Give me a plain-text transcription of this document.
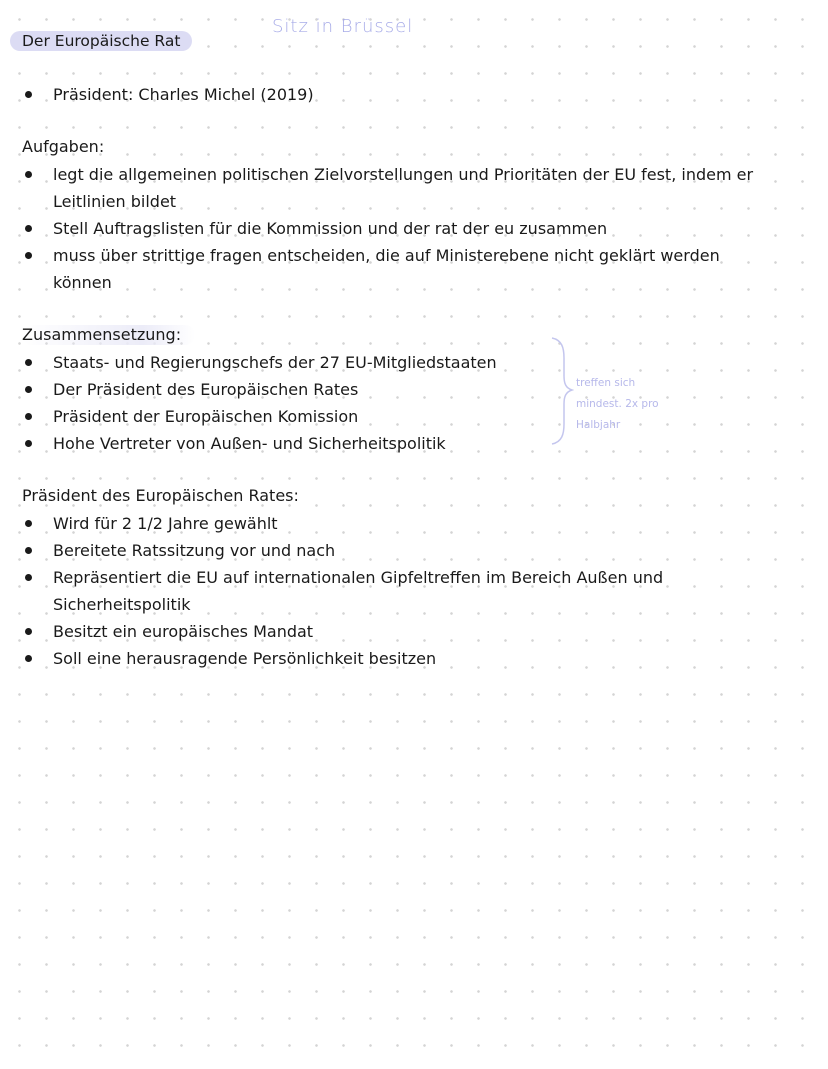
Der Europäische Rat
Sitz in Brüssel
Präsident: Charles Michel (2019)
Aufgaben:
legt die allgemeinen politischen Zielvorstellungen und Prioritäten der EU fest, indem er Leitlinien bildet
Stell Auftragslisten für die Kommission und der rat der eu zusammen
muss über strittige fragen entscheiden, die auf Ministerebene nicht geklärt werden können
Zusammensetzung:
Staats- und Regierungschefs der 27 EU-Mitgliedstaaten
Der Präsident des Europäischen Rates
Präsident der Europäischen Komission
Hohe Vertreter von Außen- und Sicherheitspolitik
treffen sich
mindest. 2x pro
Halbjahr
Präsident des Europäischen Rates:
Wird für 2 1/2 Jahre gewählt
Bereitete Ratssitzung vor und nach
Repräsentiert die EU auf internationalen Gipfeltreffen im Bereich Außen und Sicherheitspolitik
Besitzt ein europäisches Mandat
Soll eine herausragende Persönlichkeit besitzen
